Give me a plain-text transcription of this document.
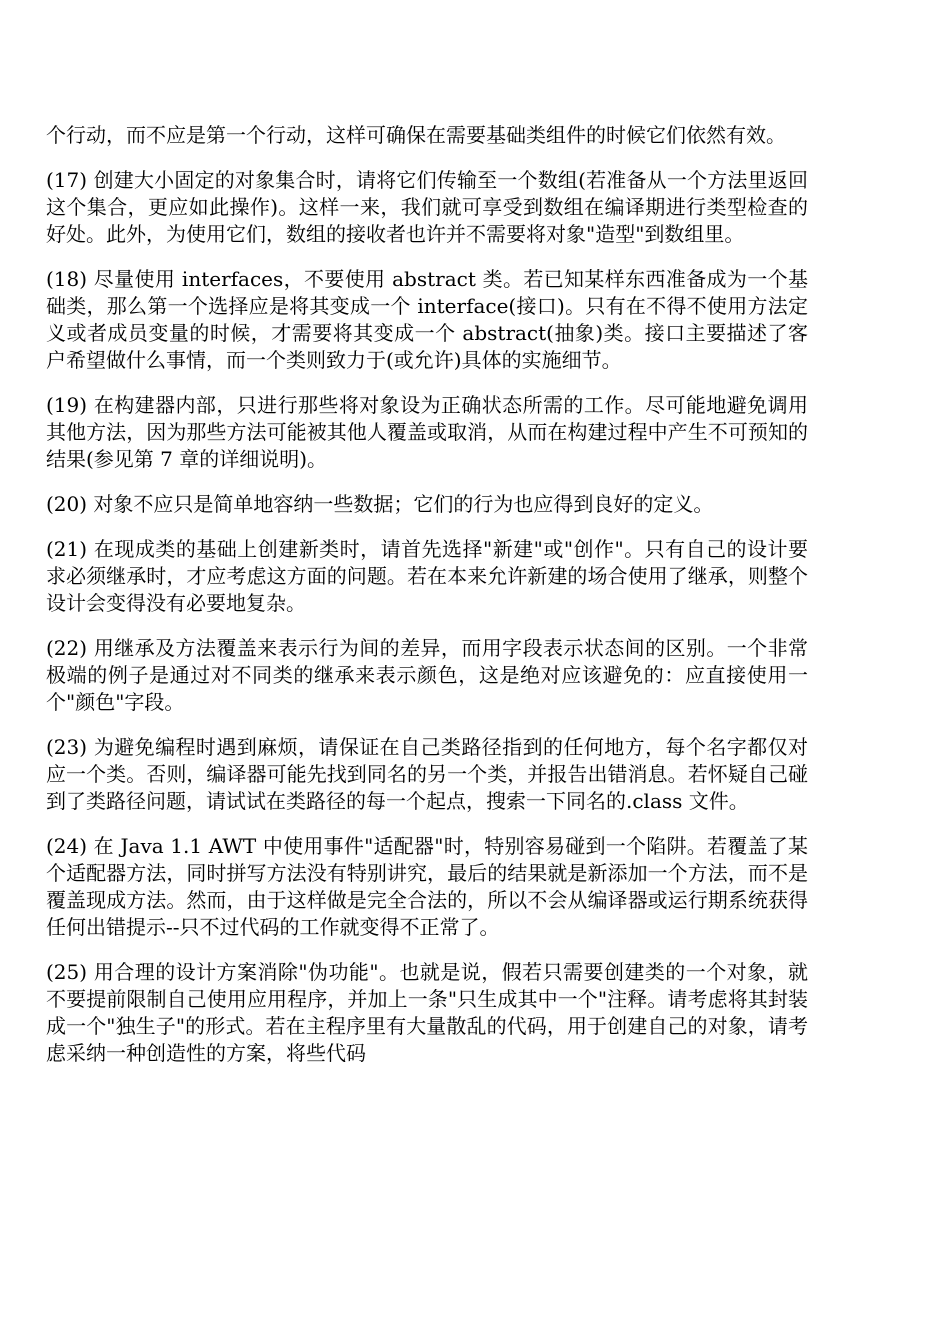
个行动，而不应是第一个行动，这样可确保在需要基础类组件的时候它们依然有效。

(17) 创建大小固定的对象集合时，请将它们传输至一个数组(若准备从一个方法里返回这个集合，更应如此操作)。这样一来，我们就可享受到数组在编译期进行类型检查的好处。此外，为使用它们，数组的接收者也许并不需要将对象"造型"到数组里。

(18) 尽量使用 interfaces，不要使用 abstract 类。若已知某样东西准备成为一个基础类，那么第一个选择应是将其变成一个 interface(接口)。只有在不得不使用方法定义或者成员变量的时候，才需要将其变成一个 abstract(抽象)类。接口主要描述了客户希望做什么事情，而一个类则致力于(或允许)具体的实施细节。

(19) 在构建器内部，只进行那些将对象设为正确状态所需的工作。尽可能地避免调用其他方法，因为那些方法可能被其他人覆盖或取消，从而在构建过程中产生不可预知的结果(参见第 7 章的详细说明)。

(20) 对象不应只是简单地容纳一些数据；它们的行为也应得到良好的定义。

(21) 在现成类的基础上创建新类时，请首先选择"新建"或"创作"。只有自己的设计要求必须继承时，才应考虑这方面的问题。若在本来允许新建的场合使用了继承，则整个设计会变得没有必要地复杂。

(22) 用继承及方法覆盖来表示行为间的差异，而用字段表示状态间的区别。一个非常极端的例子是通过对不同类的继承来表示颜色，这是绝对应该避免的：应直接使用一个"颜色"字段。

(23) 为避免编程时遇到麻烦，请保证在自己类路径指到的任何地方，每个名字都仅对应一个类。否则，编译器可能先找到同名的另一个类，并报告出错消息。若怀疑自己碰到了类路径问题，请试试在类路径的每一个起点，搜索一下同名的.class 文件。

(24) 在 Java 1.1 AWT 中使用事件"适配器"时，特别容易碰到一个陷阱。若覆盖了某个适配器方法，同时拼写方法没有特别讲究，最后的结果就是新添加一个方法，而不是覆盖现成方法。然而，由于这样做是完全合法的，所以不会从编译器或运行期系统获得任何出错提示--只不过代码的工作就变得不正常了。

(25) 用合理的设计方案消除"伪功能"。也就是说，假若只需要创建类的一个对象，就不要提前限制自己使用应用程序，并加上一条"只生成其中一个"注释。请考虑将其封装成一个"独生子"的形式。若在主程序里有大量散乱的代码，用于创建自己的对象，请考虑采纳一种创造性的方案，将些代码
